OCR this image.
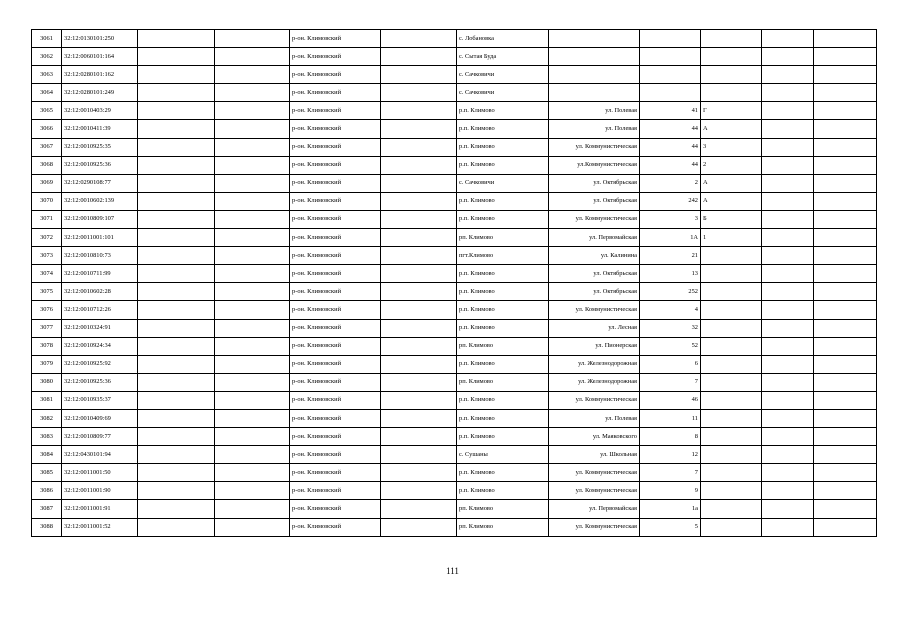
3061	32:12:0130101:250			р-он. Климовский		с. Лобановка					
3062	32:12:0060101:164			р-он. Климовский		с. Сытая Буда					
3063	32:12:0280101:162			р-он. Климовский		с. Сачковичи					
3064	32:12:0280101:249			р-он. Климовский		с. Сачковичи					
3065	32:12:0010403:29			р-он. Климовский		р.п. Климово	ул. Полевая	41	Г		
3066	32:12:0010411:39			р-он. Климовский		р.п. Климово	ул. Полевая	44	А		
3067	32:12:0010925:35			р-он. Климовский		р.п. Климово	ул. Коммунистическая	44	3		
3068	32:12:0010925:36			р-он. Климовский		р.п. Климово	ул.Коммунистическая	44	2		
3069	32:12:0290108:77			р-он. Климовский		с. Сачковичи	ул. Октябрьская	2	А		
3070	32:12:0010602:139			р-он. Климовский		р.п. Климово	ул. Октябрьская	242	А		
3071	32:12:0010809:107			р-он. Климовский		р.п. Климово	ул. Коммунистическая	3	Б		
3072	32:12:0011001:101			р-он. Климовский		рп. Климово	ул. Первомайская	1А	1		
3073	32:12:0010810:73			р-он. Климовский		пгт.Климово	ул. Калинина	21			
3074	32:12:0010711:99			р-он. Климовский		р.п. Климово	ул. Октябрьская	13			
3075	32:12:0010602:28			р-он. Климовский		р.п. Климово	ул. Октябрьская	252			
3076	32:12:0010712:26			р-он. Климовский		р.п. Климово	ул. Коммунистическая	4			
3077	32:12:0010324:91			р-он. Климовский		р.п. Климово	ул. Лесная	32			
3078	32:12:0010924:34			р-он. Климовский		рп. Климово	ул. Пионерская	52			
3079	32:12:0010925:92			р-он. Климовский		р.п. Климово	ул. Железнодорожная	6			
3080	32:12:0010925:36			р-он. Климовский		рп. Климово	ул. Железнодорожная	7			
3081	32:12:0010935:37			р-он. Климовский		р.п. Климово	ул. Коммунистическая	46			
3082	32:12:0010409:69			р-он. Климовский		р.п. Климово	ул. Полевая	11			
3083	32:12:0010809:77			р-он. Климовский		р.п. Климово	ул. Маяковского	8			
3084	32:12:0430101:94			р-он. Климовский		с. Сушаны	ул. Школьная	12			
3085	32:12:0011001:50			р-он. Климовский		р.п. Климово	ул. Коммунистическая	7			
3086	32:12:0011001:90			р-он. Климовский		р.п. Климово	ул. Коммунистическая	9			
3087	32:12:0011001:91			р-он. Климовский		рп. Климово	ул. Первомайская	1а			
3088	32:12:0011001:52			р-он. Климовский		рп. Климово	ул. Коммунистическая	5			
111
